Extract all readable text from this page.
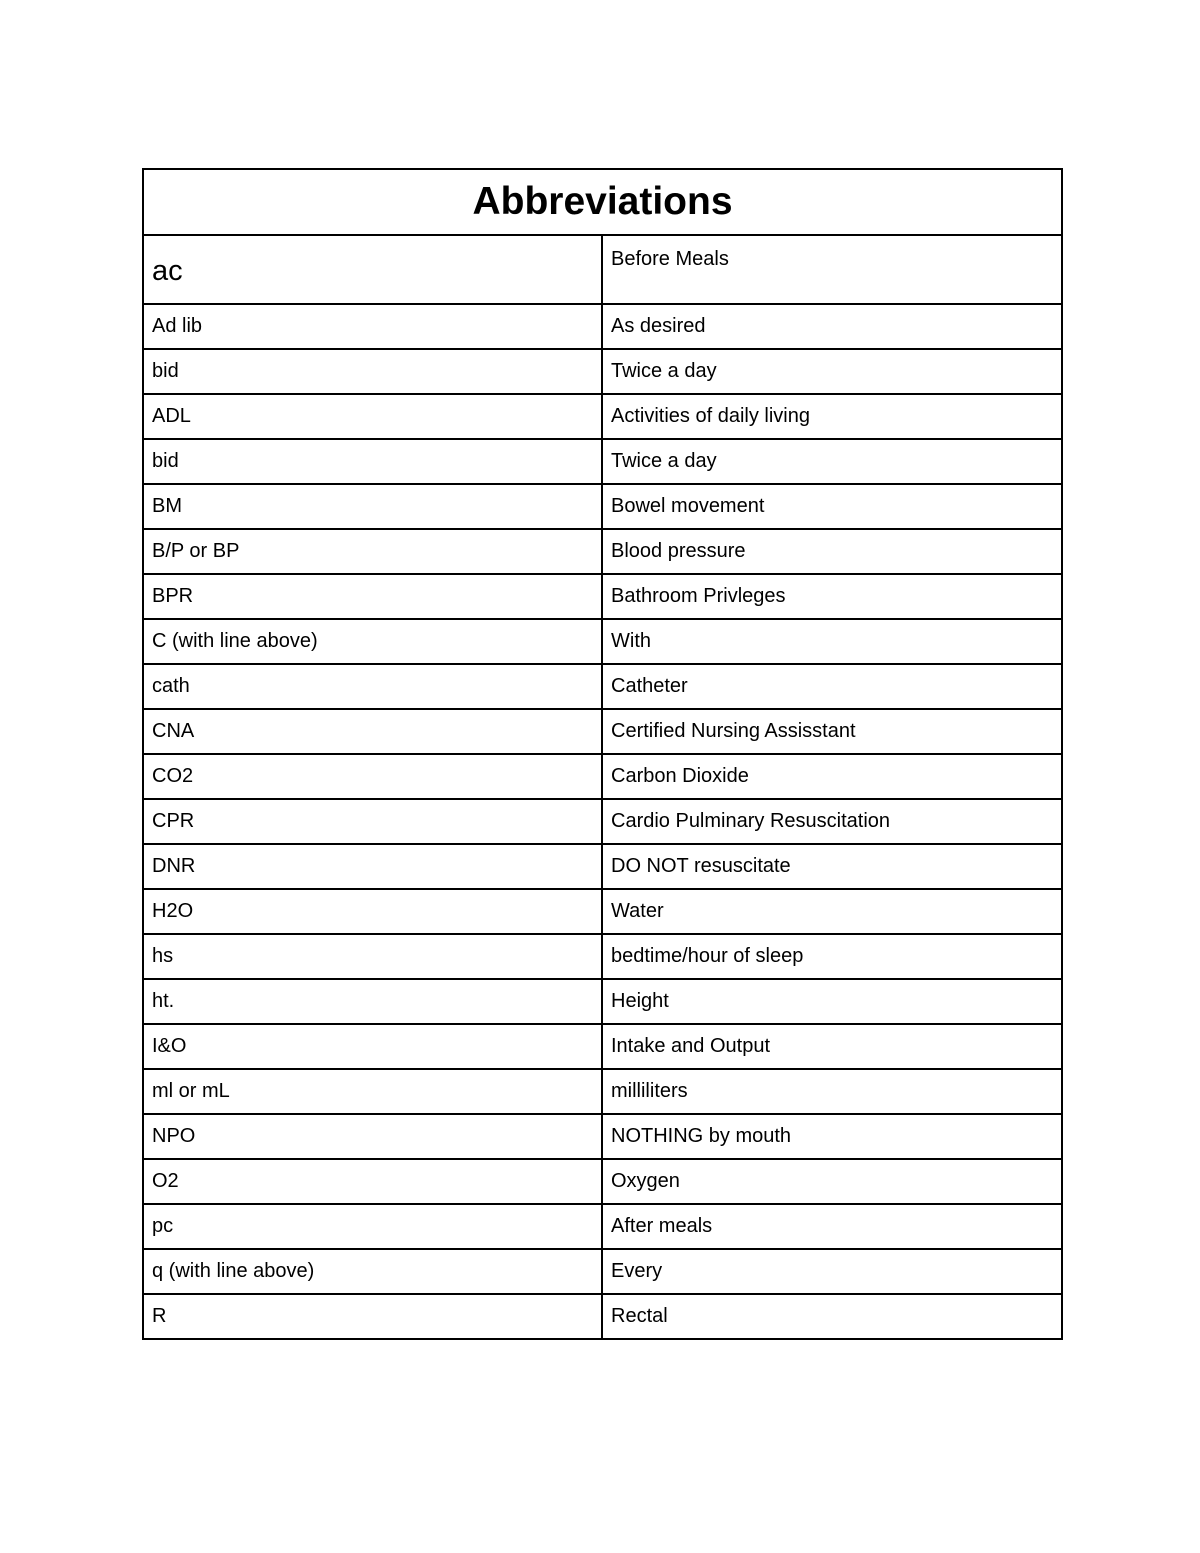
Abbreviations	
ac	Before Meals
Ad lib	As desired
bid	Twice a day
ADL	Activities of daily living
bid	Twice a day
BM	Bowel movement
B/P or BP	Blood pressure
BPR	Bathroom Privleges
C (with line above)	With
cath	Catheter
CNA	Certified Nursing Assisstant
CO2	Carbon Dioxide
CPR	Cardio Pulminary Resuscitation
DNR	DO NOT resuscitate
H2O	Water
hs	bedtime/hour of sleep
ht.	Height
I&O	Intake and Output
ml or mL	milliliters
NPO	NOTHING by mouth
O2	Oxygen
pc	After meals
q (with line above)	Every
R	Rectal
